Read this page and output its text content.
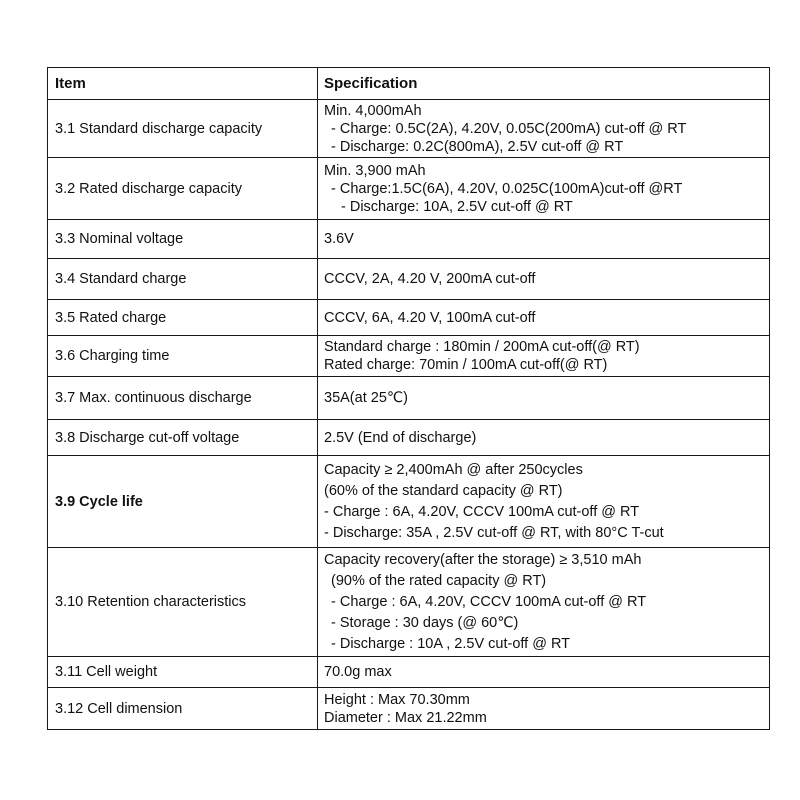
Item	Specification
3.1 Standard discharge capacity	Min. 4,000mAh
- Charge: 0.5C(2A), 4.20V, 0.05C(200mA) cut-off @ RT
- Discharge: 0.2C(800mA), 2.5V cut-off @ RT

3.2 Rated discharge capacity	Min. 3,900 mAh
- Charge:1.5C(6A), 4.20V, 0.025C(100mA)cut-off @RT
- Discharge: 10A, 2.5V cut-off @ RT

3.3 Nominal voltage	3.6V

3.4 Standard charge	CCCV, 2A, 4.20 V, 200mA cut-off

3.5 Rated charge	CCCV, 6A, 4.20 V, 100mA cut-off

3.6 Charging time	Standard charge : 180min / 200mA cut-off(@ RT)
Rated charge: 70min / 100mA cut-off(@ RT)

3.7 Max. continuous discharge	35A(at 25℃)

3.8 Discharge cut-off voltage	2.5V (End of discharge)

3.9 Cycle life	Capacity ≥ 2,400mAh @ after 250cycles
(60% of the standard capacity @ RT)
- Charge : 6A, 4.20V, CCCV 100mA cut-off @ RT
- Discharge: 35A , 2.5V cut-off @ RT, with 80°C T-cut

3.10 Retention characteristics	Capacity recovery(after the storage) ≥ 3,510 mAh
(90% of the rated capacity @ RT)
- Charge : 6A, 4.20V, CCCV 100mA cut-off @ RT
- Storage : 30 days (@ 60℃)
- Discharge : 10A , 2.5V cut-off @ RT

3.11 Cell weight	70.0g max

3.12 Cell dimension	Height : Max 70.30mm
Diameter : Max 21.22mm
